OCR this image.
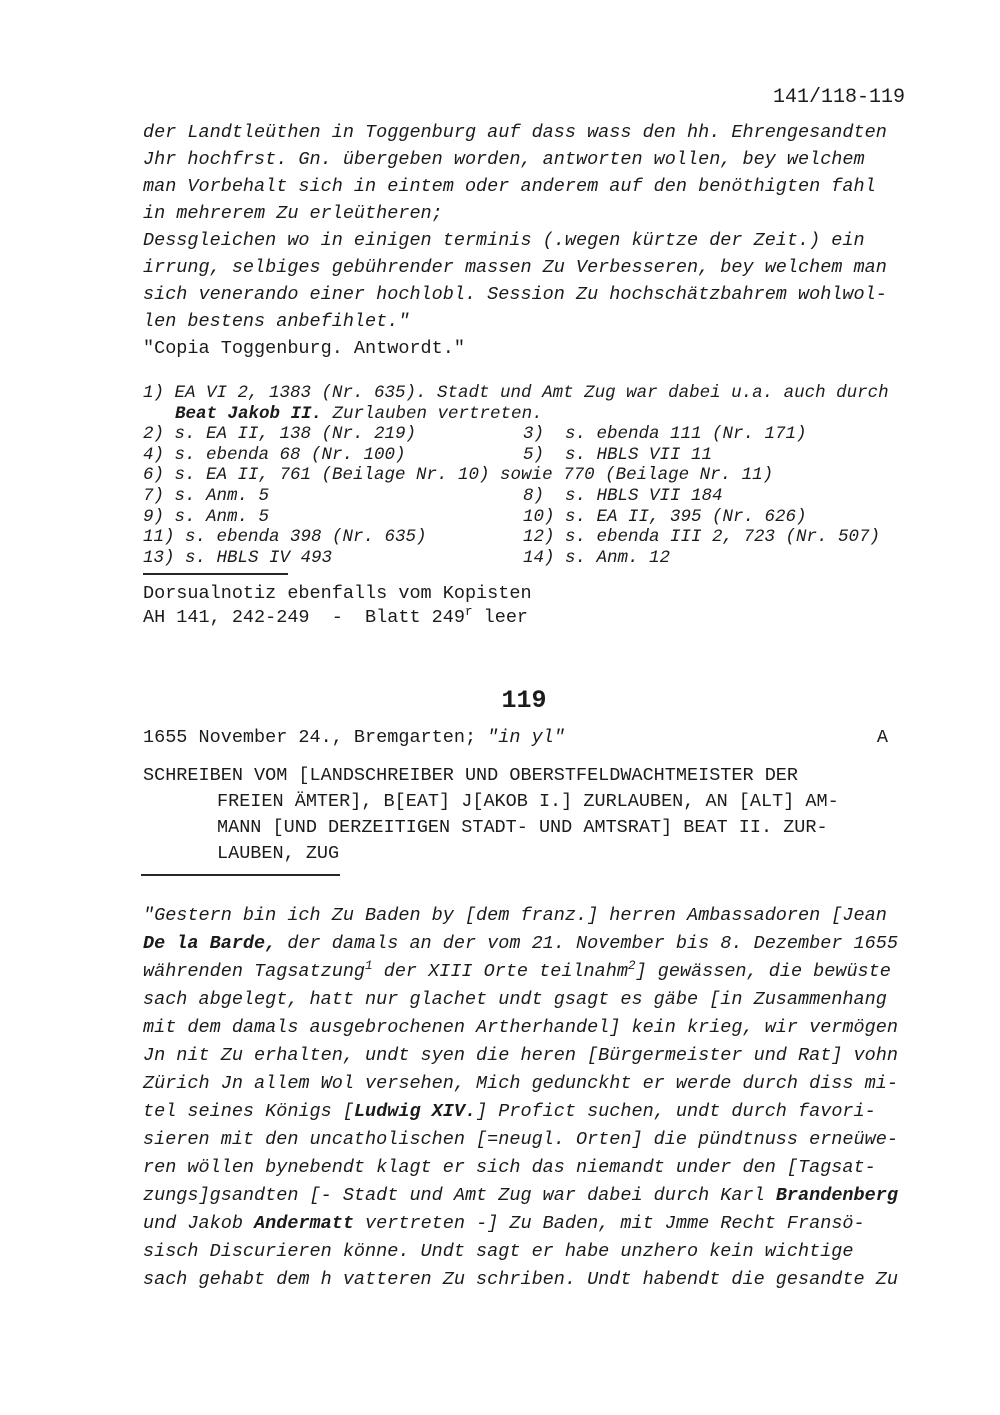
141/118-119
der Landtleüthen in Toggenburg auf dass wass den hh. Ehrengesandten
Jhr hochfrst. Gn. übergeben worden, antworten wollen, bey welchem
man Vorbehalt sich in eintem oder anderem auf den benöthigten fahl
in mehrerem Zu erleütheren;
Dessgleichen wo in einigen terminis (.wegen kürtze der Zeit.) ein
irrung, selbiges gebührender massen Zu Verbesseren, bey welchem man
sich venerando einer hochlobl. Session Zu hochschätzbahrem wohlwol-
len bestens anbefihlet."
"Copia Toggenburg. Antwordt."
1) EA VI 2, 1383 (Nr. 635). Stadt und Amt Zug war dabei u.a. auch durch
Beat Jakob II. Zurlauben vertreten.
2) s. EA II, 138 (Nr. 219)	3)  s. ebenda 111 (Nr. 171)
4) s. ebenda 68 (Nr. 100)	5)  s. HBLS VII 11
6) s. EA II, 761 (Beilage Nr. 10) sowie 770 (Beilage Nr. 11)
7) s. Anm. 5	8)  s. HBLS VII 184
9) s. Anm. 5	10) s. EA II, 395 (Nr. 626)
11) s. ebenda 398 (Nr. 635)	12) s. ebenda III 2, 723 (Nr. 507)
13) s. HBLS IV 493	14) s. Anm. 12
Dorsualnotiz ebenfalls vom Kopisten
AH 141, 242-249  -  Blatt 249$^r$ leer
119
1655 November 24., Bremgarten; "in yl"	A
SCHREIBEN VOM [LANDSCHREIBER UND OBERSTFELDWACHTMEISTER DER
FREIEN ÄMTER], B[EAT] J[AKOB I.] ZURLAUBEN, AN [ALT] AM-
MANN [UND DERZEITIGEN STADT- UND AMTSRAT] BEAT II. ZUR-
LAUBEN, ZUG
"Gestern bin ich Zu Baden by [dem franz.] herren Ambassadoren [Jean
De la Barde, der damals an der vom 21. November bis 8. Dezember 1655
währenden Tagsatzung$^1$ der XIII Orte teilnahm$^2$] gewässen, die bewüste
sach abgelegt, hatt nur glachet undt gsagt es gäbe [in Zusammenhang
mit dem damals ausgebrochenen Artherhandel] kein krieg, wir vermögen
Jn nit Zu erhalten, undt syen die heren [Bürgermeister und Rat] vohn
Zürich Jn allem Wol versehen, Mich gedunckht er werde durch diss mi-
tel seines Königs [Ludwig XIV.] Profict suchen, undt durch favori-
sieren mit den uncatholischen [=neugl. Orten] die pündtnuss erneüwe-
ren wöllen bynebendt klagt er sich das niemandt under den [Tagsat-
zungs]gsandten [- Stadt und Amt Zug war dabei durch Karl Brandenberg
und Jakob Andermatt vertreten -] Zu Baden, mit Jmme Recht Fransö-
sisch Discurieren könne. Undt sagt er habe unzhero kein wichtige
sach gehabt dem h vatteren Zu schriben. Undt habendt die gesandte Zu
